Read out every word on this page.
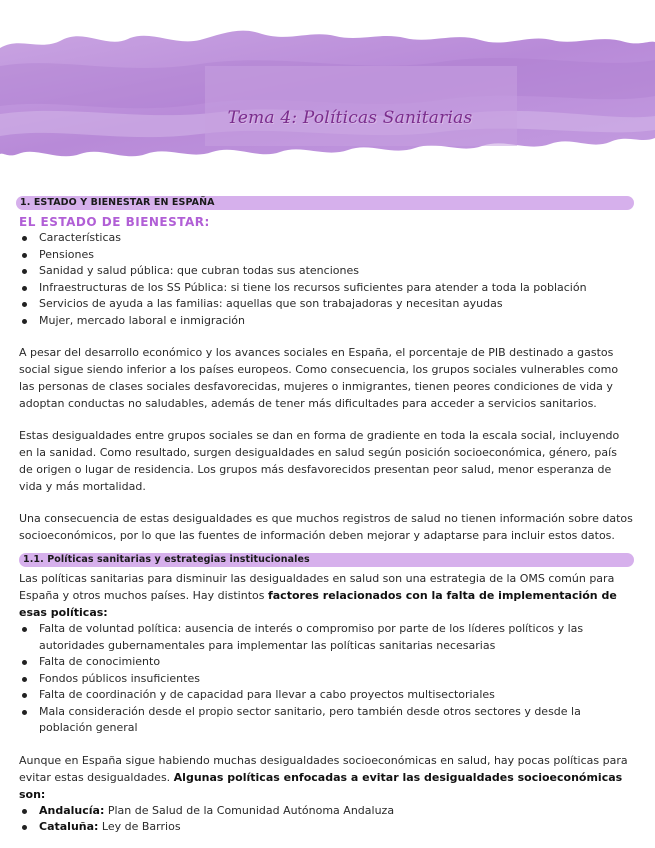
Tema 4: Políticas Sanitarias
1. ESTADO Y BIENESTAR EN ESPAÑA
EL ESTADO DE BIENESTAR:
Características
Pensiones
Sanidad y salud pública: que cubran todas sus atenciones
Infraestructuras de los SS Pública: si tiene los recursos suficientes para atender a toda la población
Servicios de ayuda a las familias: aquellas que son trabajadoras y necesitan ayudas
Mujer, mercado laboral e inmigración

A pesar del desarrollo económico y los avances sociales en España, el porcentaje de PIB destinado a gastos social sigue siendo inferior a los países europeos. Como consecuencia, los grupos sociales vulnerables como las personas de clases sociales desfavorecidas, mujeres o inmigrantes, tienen peores condiciones de vida y adoptan conductas no saludables, además de tener más dificultades para acceder a servicios sanitarios.

Estas desigualdades entre grupos sociales se dan en forma de gradiente en toda la escala social, incluyendo en la sanidad. Como resultado, surgen desigualdades en salud según posición socioeconómica, género, país de origen o lugar de residencia. Los grupos más desfavorecidos presentan peor salud, menor esperanza de vida y más mortalidad.

Una consecuencia de estas desigualdades es que muchos registros de salud no tienen información sobre datos socioeconómicos, por lo que las fuentes de información deben mejorar y adaptarse para incluir estos datos.

1.1. Políticas sanitarias y estrategias institucionales

Las políticas sanitarias para disminuir las desigualdades en salud son una estrategia de la OMS común para España y otros muchos países. Hay distintos factores relacionados con la falta de implementación de esas políticas:

Falta de voluntad política: ausencia de interés o compromiso por parte de los líderes políticos y las autoridades gubernamentales para implementar las políticas sanitarias necesarias
Falta de conocimiento
Fondos públicos insuficientes
Falta de coordinación y de capacidad para llevar a cabo proyectos multisectoriales
Mala consideración desde el propio sector sanitario, pero también desde otros sectores y desde la población general

Aunque en España sigue habiendo muchas desigualdades socioeconómicas en salud, hay pocas políticas para evitar estas desigualdades. Algunas políticas enfocadas a evitar las desigualdades socioeconómicas son:

Andalucía: Plan de Salud de la Comunidad Autónoma Andaluza
Cataluña: Ley de Barrios
